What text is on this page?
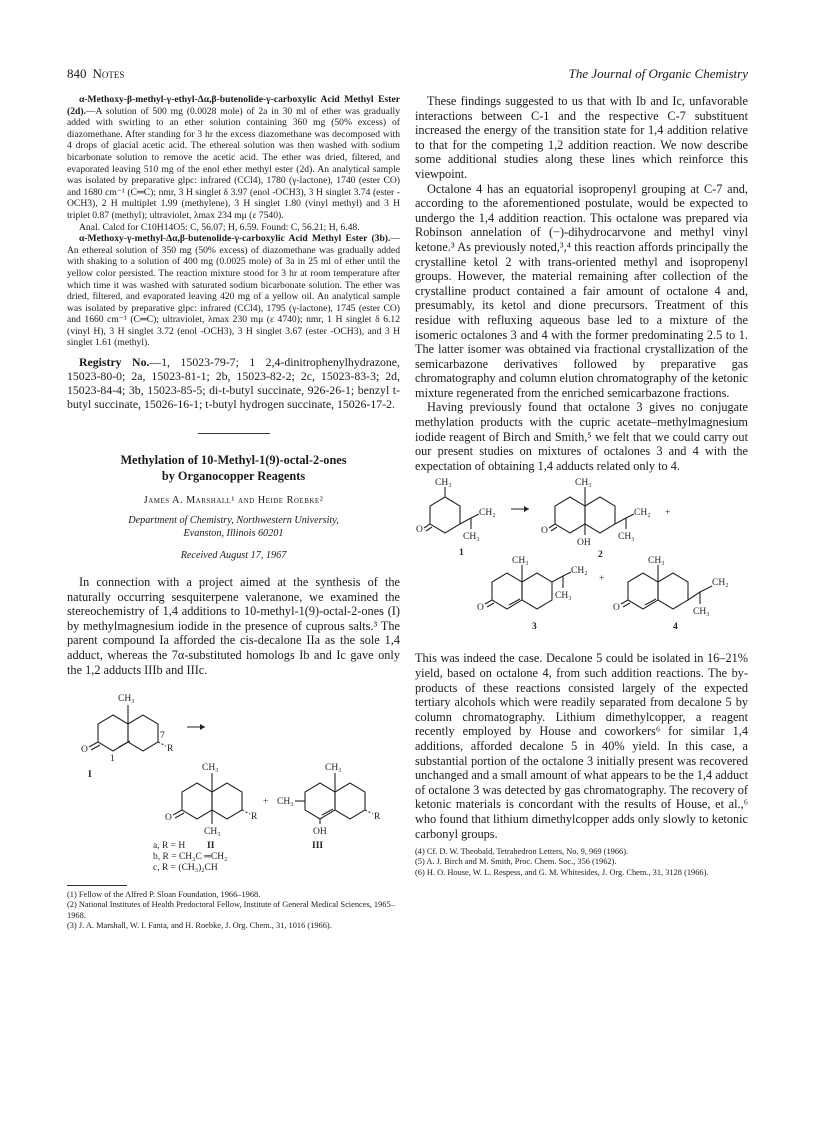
840 Notes	The Journal of Organic Chemistry

α-Methoxy-β-methyl-γ-ethyl-Δα,β-butenolide-γ-carboxylic Acid Methyl Ester (2d).—A solution of 500 mg (0.0028 mole) of 2a in 30 ml of ether was gradually added with swirling to an ether solution containing 360 mg (50% excess) of diazomethane. After standing for 3 hr the excess diazomethane was decomposed with 4 drops of glacial acetic acid. The ethereal solution was then washed with sodium bicarbonate solution to remove the acetic acid. The ether was dried, filtered, and evaporated leaving 510 mg of the enol ether methyl ester (2d). An analytical sample was isolated by preparative glpc: infrared (CCl4), 1780 (γ-lactone), 1740 (ester CO) and 1680 cm⁻¹ (C═C); nmr, 3 H singlet δ 3.97 (enol -OCH3), 3 H singlet 3.74 (ester -OCH3), 2 H multiplet 1.99 (methylene), 3 H singlet 1.80 (vinyl methyl) and 3 H triplet 0.87 (methyl); ultraviolet, λmax 234 mμ (ε 7540).

Anal. Calcd for C10H14O5: C, 56.07; H, 6.59. Found: C, 56.21; H, 6.48.

α-Methoxy-γ-methyl-Δα,β-butenolide-γ-carboxylic Acid Methyl Ester (3b).—An ethereal solution of 350 mg (50% excess) of diazomethane was gradually added with shaking to a solution of 400 mg (0.0025 mole) of 3a in 25 ml of ether until the yellow color persisted. The reaction mixture stood for 3 hr at room temperature after which time it was washed with saturated sodium bicarbonate solution. The ether was dried, filtered, and evaporated leaving 420 mg of a yellow oil. An analytical sample was isolated by preparative glpc: infrared (CCl4), 1795 (γ-lactone), 1745 (ester CO) and 1660 cm⁻¹ (C═C); ultraviolet, λmax 230 mμ (ε 4740); nmr, 1 H singlet δ 6.12 (vinyl H), 3 H singlet 3.72 (enol -OCH3), 3 H singlet 3.67 (ester -OCH3), and 3 H singlet 1.61 (methyl).

Registry No.—1, 15023-79-7; 1 2,4-dinitrophenylhydrazone, 15023-80-0; 2a, 15023-81-1; 2b, 15023-82-2; 2c, 15023-83-3; 2d, 15023-84-4; 3b, 15023-85-5; di-t-butyl succinate, 926-26-1; benzyl t-butyl succinate, 15026-16-1; t-butyl hydrogen succinate, 15026-17-2.

Methylation of 10-Methyl-1(9)-octal-2-ones
by Organocopper Reagents
James A. Marshall¹ and Heide Roebke²
Department of Chemistry, Northwestern University,
Evanston, Illinois 60201
Received August 17, 1967

In connection with a project aimed at the synthesis of the naturally occurring sesquiterpene valeranone, we examined the stereochemistry of 1,4 additions to 10-methyl-1(9)-octal-2-ones (I) by methylmagnesium iodide in the presence of cuprous salts.³ The parent compound Ia afforded the cis-decalone IIa as the sole 1,4 adduct, whereas the 7α-substituted homologs Ib and Ic gave only the 1,2 adducts IIIb and IIIc.

O
CH₃
R
1
7
I
O
CH₃
CH₃
R
II
+ CH₃
CH₃
OH
R
III
a, R = H
b, R = CH₃C ═CH₂
c, R = (CH₃)₂CH
(1) Fellow of the Alfred P. Sloan Foundation, 1966–1968.
(2) National Institutes of Health Predoctoral Fellow, Institute of General Medical Sciences, 1965–1968.
(3) J. A. Marshall, W. I. Fanta, and H. Roebke, J. Org. Chem., 31, 1016 (1966).

These findings suggested to us that with Ib and Ic, unfavorable interactions between C-1 and the respective C-7 substituent increased the energy of the transition state for 1,4 addition relative to that for the competing 1,2 addition reaction. We now describe some additional studies along these lines which reinforce this viewpoint.

Octalone 4 has an equatorial isopropenyl grouping at C-7 and, according to the aforementioned postulate, would be expected to undergo the 1,4 addition reaction. This octalone was prepared via Robinson annelation of (−)-dihydrocarvone and methyl vinyl ketone.³ As previously noted,³,⁴ this reaction affords principally the crystalline ketol 2 with trans-oriented methyl and isopropenyl groups. However, the material remaining after collection of the crystalline product contained a fair amount of octalone 4 and, presumably, its ketol and dione precursors. Treatment of this residue with refluxing aqueous base led to a mixture of the isomeric octalones 3 and 4 with the former predominating 2.5 to 1. The latter isomer was obtained via fractional crystallization of the semicarbazone derivatives followed by preparative gas chromatography and column elution chromatography of the ketonic mixture regenerated from the enriched semicarbazone fractions.

Having previously found that octalone 3 gives no conjugate methylation products with the cupric acetate–methylmagnesium iodide reagent of Birch and Smith,⁵ we felt that we could carry out our present studies on mixtures of octalones 3 and 4 with the expectation of obtaining 1,4 adducts related only to 4.

O
CH₃
CH₂
CH₃
1
O
CH₃
OH
CH₂
CH₃
2
+
O
CH₃
CH₂
CH₃
3
+
O
CH₃
CH₂
CH₃
4

This was indeed the case. Decalone 5 could be isolated in 16–21% yield, based on octalone 4, from such addition reactions. The by-products of these reactions consisted largely of the expected tertiary alcohols which were readily separated from decalone 5 by column chromatography. Lithium dimethylcopper, a reagent recently employed by House and coworkers⁶ for similar 1,4 additions, afforded decalone 5 in 40% yield. In this case, a substantial portion of the octalone 3 initially present was recovered unchanged and a small amount of what appears to be the 1,4 adduct of octalone 3 was detected by gas chromatography. The recovery of ketonic materials is concordant with the results of House, et al.,⁶ who found that lithium dimethylcopper adds only slowly to ketonic carbonyl groups.

(4) Cf. D. W. Theobald, Tetrahedron Letters, No. 9, 969 (1966).
(5) A. J. Birch and M. Smith, Proc. Chem. Soc., 356 (1962).
(6) H. O. House, W. L. Respess, and G. M. Whitesides, J. Org. Chem., 31, 3128 (1966).
